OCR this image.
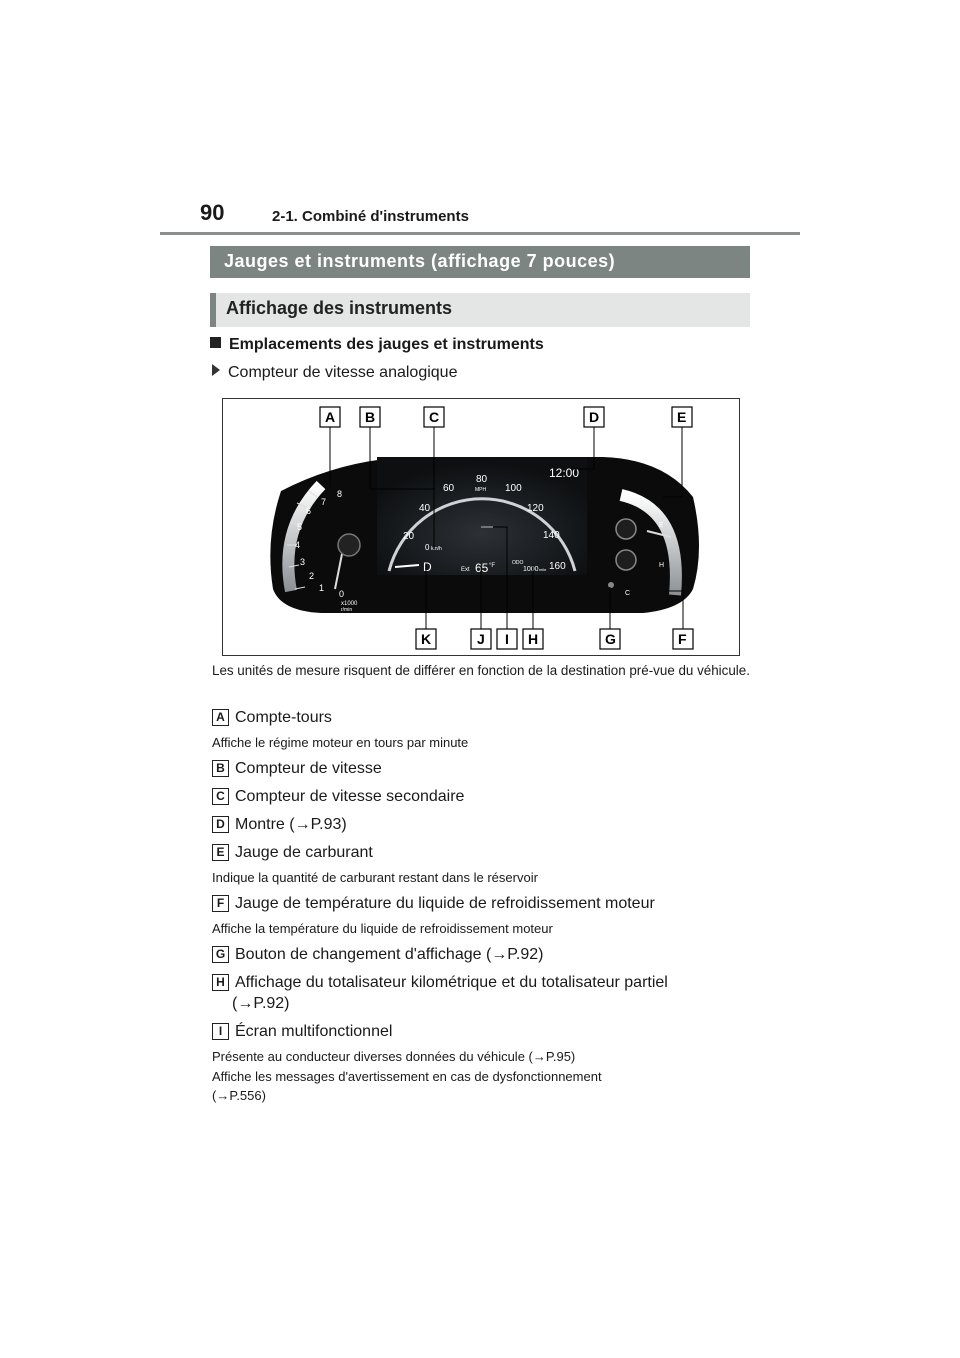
90	2-1. Combiné d'instruments
Jauges et instruments (affichage 7 pouces)
Affichage des instruments
Emplacements des jauges et instruments
Compteur de vitesse analogique
1
2
3
4
5
6
7
8
0
x1000
r/min
20
40
60
80
100
120
140
160
0 km/h
MPH
12:00
D	Ext 65 °F	ODO
1000 mile
F
E
H
C
A B	C	D	E
K	J I H	G	F
Les unités de mesure risquent de différer en fonction de la destination pré-vue du véhicule.
A Compte-tours
Affiche le régime moteur en tours par minute
B Compteur de vitesse
C Compteur de vitesse secondaire
D Montre (→P.93)
E Jauge de carburant
Indique la quantité de carburant restant dans le réservoir
F Jauge de température du liquide de refroidissement moteur
Affiche la température du liquide de refroidissement moteur
G Bouton de changement d'affichage (→P.92)
H Affichage du totalisateur kilométrique et du totalisateur partiel
(→P.92)
I Écran multifonctionnel
Présente au conducteur diverses données du véhicule (→P.95)
Affiche les messages d'avertissement en cas de dysfonctionnement
(→P.556)
